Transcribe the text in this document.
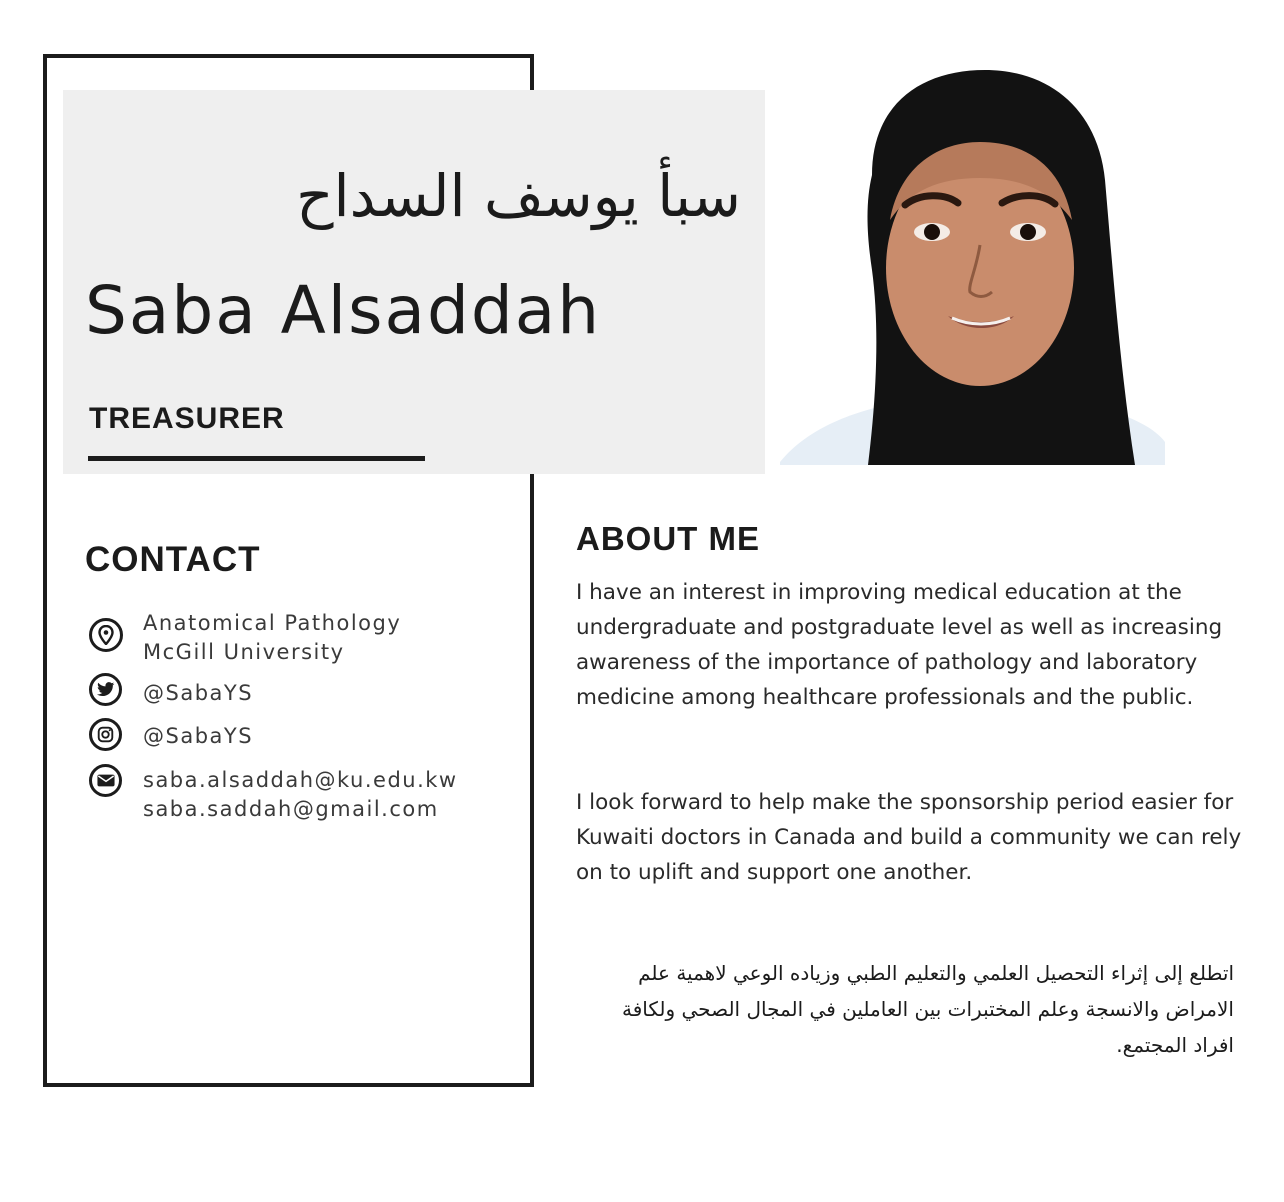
سبأ يوسف السداح
Saba Alsaddah
TREASURER
CONTACT
Anatomical Pathology
McGill University
@SabaYS
@SabaYS
saba.alsaddah@ku.edu.kw
saba.saddah@gmail.com
ABOUT ME

I have an interest in improving medical education at the undergraduate and postgraduate level as well as increasing awareness of the importance of pathology and laboratory medicine among healthcare professionals and the public.

I look forward to help make the sponsorship period easier for Kuwaiti doctors in Canada and build a community we can rely on to uplift and support one another.

اتطلع إلى إثراء التحصيل العلمي والتعليم الطبي وزياده الوعي لاهمية علم الامراض والانسجة وعلم المختبرات بين العاملين في المجال الصحي ولكافة افراد المجتمع.
